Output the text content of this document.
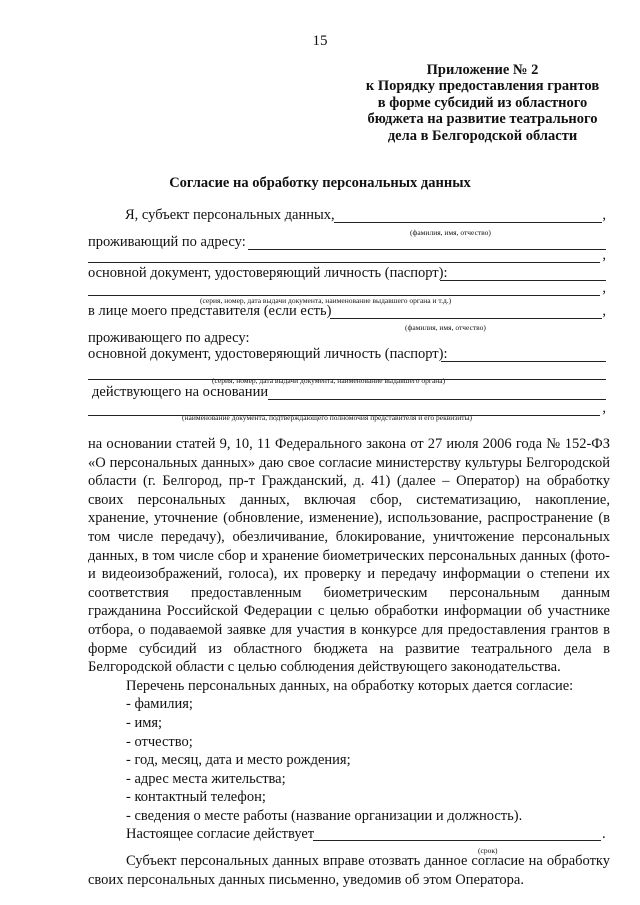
15
Приложение № 2
к Порядку предоставления грантов
в форме субсидий из областного
бюджета на развитие театрального
дела в Белгородской области
Согласие на обработку персональных данных
Я, субъект персональных данных,	,
(фамилия, имя, отчество)
проживающий по адресу:
,
основной документ, удостоверяющий личность (паспорт):
,
(серия, номер, дата выдачи документа, наименование выдавшего органа и т.д.)
в лице моего представителя (если есть)	,
(фамилия, имя, отчество)
проживающего по адресу:
основной документ, удостоверяющий личность (паспорт):
(серия, номер, дата выдачи документа, наименование выдавшего органа)
действующего на основании
,
(наименование документа, подтверждающего полномочия представителя и его реквизиты)

на основании статей 9, 10, 11 Федерального закона от 27 июля 2006 года № 152-ФЗ «О персональных данных» даю свое согласие министерству культуры Белгородской области (г. Белгород, пр-т Гражданский, д. 41) (далее – Оператор) на обработку своих персональных данных, включая сбор, систематизацию, накопление, хранение, уточнение (обновление, изменение), использование, распространение (в том числе передачу), обезличивание, блокирование, уничтожение персональных данных, в том числе сбор и хранение биометрических персональных данных (фото- и видеоизображений, голоса), их проверку и передачу информации о степени их соответствия предоставленным биометрическим персональным данным гражданина Российской Федерации с целью обработки информации об участнике отбора, о подаваемой заявке для участия в конкурсе для предоставления грантов в форме субсидий из областного бюджета на развитие театрального дела в Белгородской области с целью соблюдения действующего законодательства.

Перечень персональных данных, на обработку которых дается согласие:

- фамилия;
- имя;
- отчество;
- год, месяц, дата и место рождения;
- адрес места жительства;
- контактный телефон;
- сведения о месте работы (название организации и должность).
Настоящее согласие действует	.
(срок)

Субъект персональных данных вправе отозвать данное согласие на обработку своих персональных данных письменно, уведомив об этом Оператора.
